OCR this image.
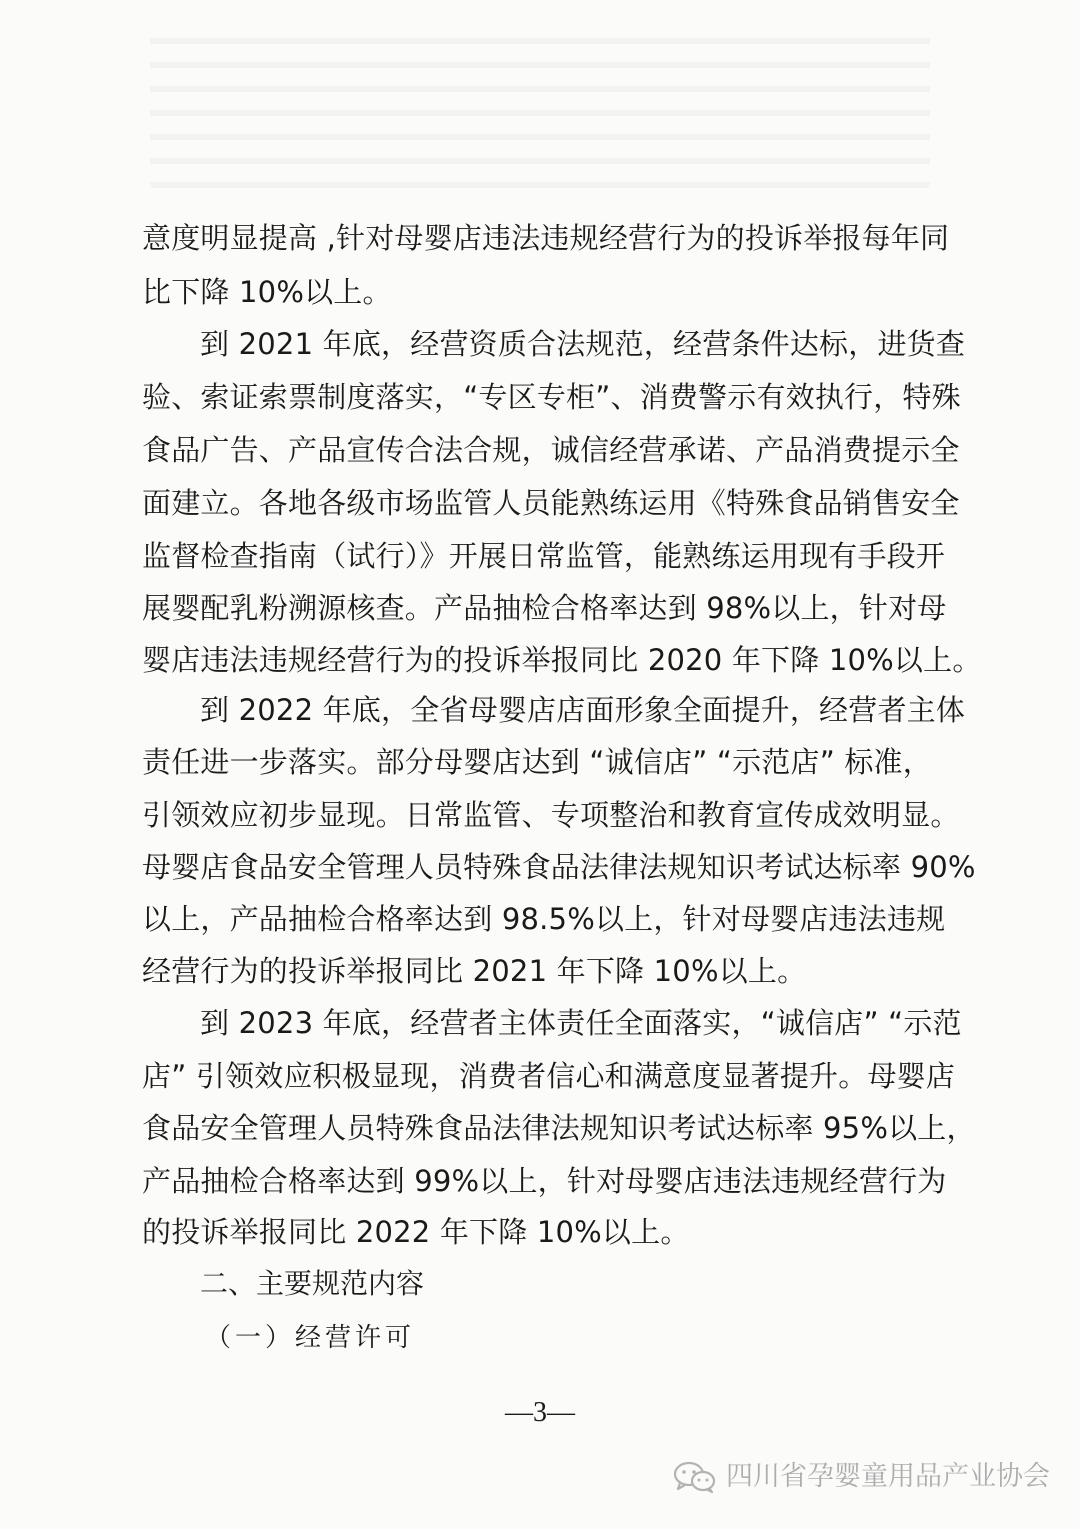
意度明显提高 ,针对母婴店违法违规经营行为的投诉举报每年同
比下降 10%以上。
到 2021 年底，经营资质合法规范，经营条件达标，进货查
验、索证索票制度落实，“专区专柜”、消费警示有效执行，特殊
食品广告、产品宣传合法合规，诚信经营承诺、产品消费提示全
面建立。各地各级市场监管人员能熟练运用《特殊食品销售安全
监督检查指南（试行）》开展日常监管，能熟练运用现有手段开
展婴配乳粉溯源核查。产品抽检合格率达到 98%以上，针对母
婴店违法违规经营行为的投诉举报同比 2020 年下降 10%以上。
到 2022 年底，全省母婴店店面形象全面提升，经营者主体
责任进一步落实。部分母婴店达到 “诚信店” “示范店” 标准，
引领效应初步显现。日常监管、专项整治和教育宣传成效明显。
母婴店食品安全管理人员特殊食品法律法规知识考试达标率 90%
以上，产品抽检合格率达到 98.5%以上，针对母婴店违法违规
经营行为的投诉举报同比 2021 年下降 10%以上。
到 2023 年底，经营者主体责任全面落实，“诚信店” “示范
店” 引领效应积极显现，消费者信心和满意度显著提升。母婴店
食品安全管理人员特殊食品法律法规知识考试达标率 95%以上，
产品抽检合格率达到 99%以上，针对母婴店违法违规经营行为
的投诉举报同比 2022 年下降 10%以上。
二、主要规范内容
（一）经营许可
—3—
四川省孕婴童用品产业协会
